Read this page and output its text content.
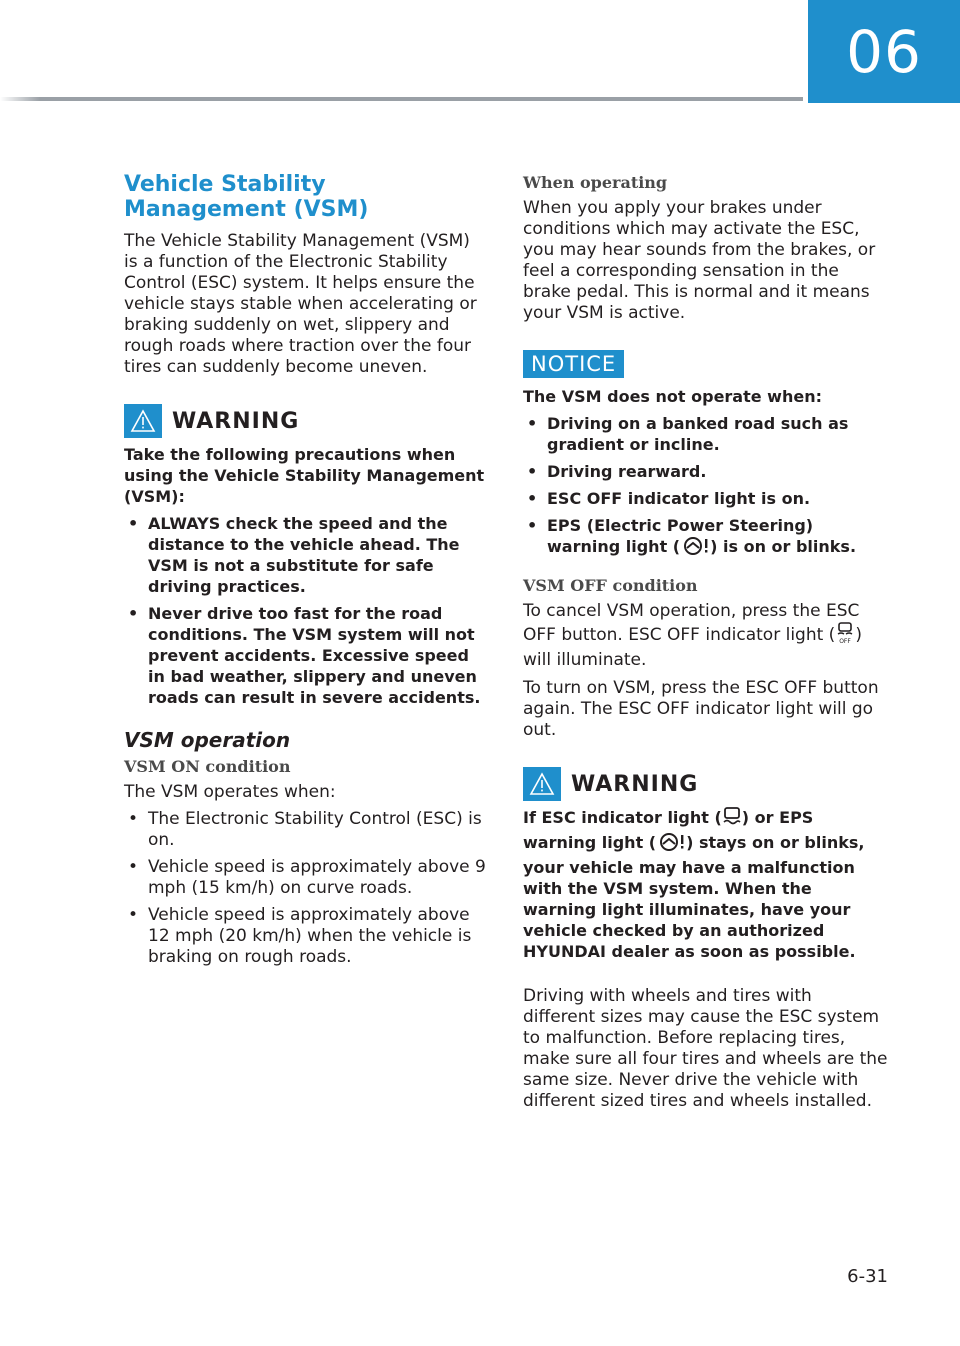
06
Vehicle Stability Management (VSM)
The Vehicle Stability Management (VSM) is a function of the Electronic Stability Control (ESC) system. It helps ensure the vehicle stays stable when accelerating or braking suddenly on wet, slippery and rough roads where traction over the four tires can suddenly become uneven.
WARNING
Take the following precautions when using the Vehicle Stability Management (VSM):
• ALWAYS check the speed and the distance to the vehicle ahead. The VSM is not a substitute for safe driving practices.
• Never drive too fast for the road conditions. The VSM system will not prevent accidents. Excessive speed in bad weather, slippery and uneven roads can result in severe accidents.
VSM operation
VSM ON condition
The VSM operates when:
• The Electronic Stability Control (ESC) is on.
• Vehicle speed is approximately above 9 mph (15 km/h) on curve roads.
• Vehicle speed is approximately above 12 mph (20 km/h) when the vehicle is braking on rough roads.
When operating
When you apply your brakes under conditions which may activate the ESC, you may hear sounds from the brakes, or feel a corresponding sensation in the brake pedal. This is normal and it means your VSM is active.
NOTICE
The VSM does not operate when:
• Driving on a banked road such as gradient or incline.
• Driving rearward.
• ESC OFF indicator light is on.
• EPS (Electric Power Steering) warning light ( ) is on or blinks.
VSM OFF condition
To cancel VSM operation, press the ESC OFF button. ESC OFF indicator light ( OFF ) will illuminate.
To turn on VSM, press the ESC OFF button again. The ESC OFF indicator light will go out.
WARNING
If ESC indicator light ( ) or EPS warning light ( ) stays on or blinks, your vehicle may have a malfunction with the VSM system. When the warning light illuminates, have your vehicle checked by an authorized HYUNDAI dealer as soon as possible.
Driving with wheels and tires with different sizes may cause the ESC system to malfunction. Before replacing tires, make sure all four tires and wheels are the same size. Never drive the vehicle with different sized tires and wheels installed.
6-31
